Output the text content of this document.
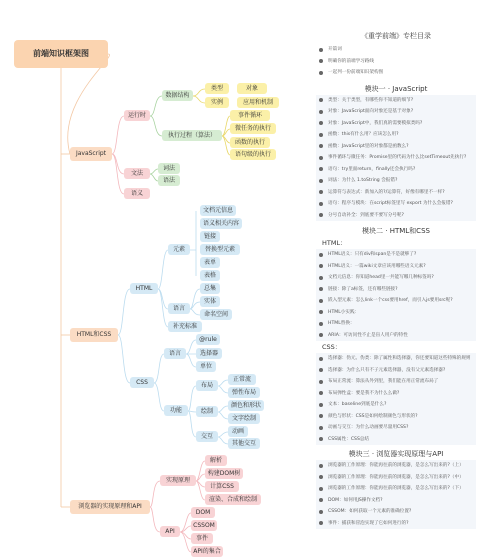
前端知识框架图
JavaScript
HTML和CSS
浏览器的实现原理和API
运行时
文法
语义
数据结构
执行过程（算法）
词法
语法
类型
实例
对象
应用和机制
事件循环
微任务的执行
函数的执行
语句级的执行
HTML
CSS
元素
语言
补充标准
文档元信息
语义相关内容
链接
替换型元素
表单
表格
总集
实体
命名空间
语言
功能
@rule
选择器
单位
布局
绘制
交互
正常流
弹性布局
颜色和形状
文字绘制
动画
其他交互
实现原理
API
解析
构建DOM树
计算CSS
渲染、合成和绘制
DOM
CSSOM
事件
API的集合
《重学前端》专栏目录
开篇词
明确你的前端学习路线
一起列一份前端知识架构图
模块一 · JavaScript
类型：关于类型，有哪些你不知道的细节?
对象：JavaScript面向对象还是基于对象?
对象：JavaScript中，我们真的需要模拟类吗?
函数：this有什么用？应该怎么用?
函数：JavaScript里的对象都是函数么?
事件循环与微任务：Promise里的代码为什么比setTimeout先执行?
语句：try里面return，finally还会执行吗?
词法：为什么 1.toString 会报错?
运算符与表达式：新加入的?/运算符，好像有哪里不一样?
语句：程序与模块：在script标签里写 export 为什么会报错?
分号自动补全：到底要不要写分号呢?
模块二 · HTML和CSS
HTML：
HTML语义：只有div和span是不是就够了?
HTML语义：一篇wiki文章应该用哪些语义元素?
文档元信息：你知道head里一共能写哪几种标签吗?
链接：除了a标签，还有哪些链接?
嵌入型元素：怎么link一个css要用href，而引入js要用src呢?
HTML小实践：
HTML替换：
ARIA：可访问性不止是盲人用户的特性
CSS：
选择器：伪元、伪类：除了属性和选择器，你还要知道这些特殊的规则
选择器：为什么只有不子元素选择器，没有父元素选择器?
布局正常流：算法从外到里，我们能在用正常流布局了
布局弹性盒：要是我不为什么么做?
文本：baseline到底是什么?
颜色与形状：CSS是如何绘制颜色与形状的?
动画与交互：为什么动画要尽量用CSS?
CSS属性：CSS总结
模块三 · 浏览器实现原理与API
浏览器的工作原理：你能再往前的浏览器，是怎么写出来的?（上）
浏览器的工作原理：你能再往前的浏览器，是怎么写出来的?（中）
浏览器的工作原理：你能再往前的浏览器，是怎么写出来的?（下）
DOM：如何用JS操作文档?
CSSOM：如何获取一个元素的准确位置?
事件：捕获和冒泡实现了它如何进行的?
